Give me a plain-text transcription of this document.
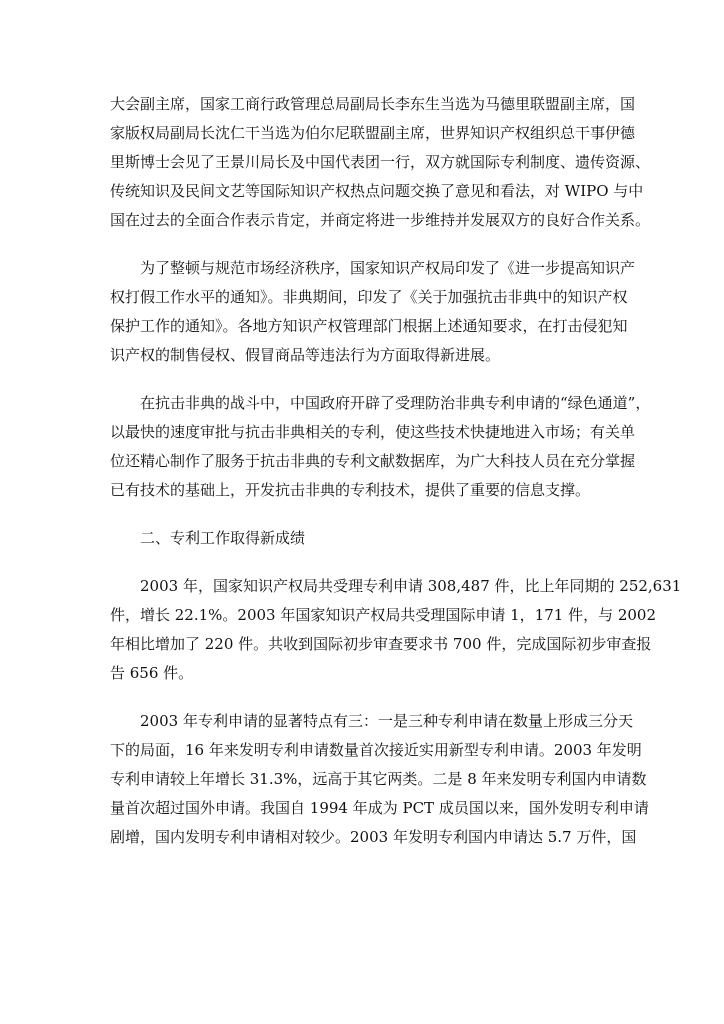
大会副主席，国家工商行政管理总局副局长李东生当选为马德里联盟副主席，国
家版权局副局长沈仁干当选为伯尔尼联盟副主席，世界知识产权组织总干事伊德
里斯博士会见了王景川局长及中国代表团一行，双方就国际专利制度、遗传资源、
传统知识及民间文艺等国际知识产权热点问题交换了意见和看法，对 WIPO 与中
国在过去的全面合作表示肯定，并商定将进一步维持并发展双方的良好合作关系。

为了整顿与规范市场经济秩序，国家知识产权局印发了《进一步提高知识产
权打假工作水平的通知》。非典期间，印发了《关于加强抗击非典中的知识产权
保护工作的通知》。各地方知识产权管理部门根据上述通知要求，在打击侵犯知
识产权的制售侵权、假冒商品等违法行为方面取得新进展。

在抗击非典的战斗中，中国政府开辟了受理防治非典专利申请的“绿色通道”，
以最快的速度审批与抗击非典相关的专利，使这些技术快捷地进入市场；有关单
位还精心制作了服务于抗击非典的专利文献数据库，为广大科技人员在充分掌握
已有技术的基础上，开发抗击非典的专利技术，提供了重要的信息支撑。

二、专利工作取得新成绩

2003 年，国家知识产权局共受理专利申请 308,487 件，比上年同期的 252,631
件，增长 22.1%。2003 年国家知识产权局共受理国际申请 1，171 件，与 2002
年相比增加了 220 件。共收到国际初步审查要求书 700 件，完成国际初步审查报
告 656 件。

2003 年专利申请的显著特点有三：一是三种专利申请在数量上形成三分天
下的局面，16 年来发明专利申请数量首次接近实用新型专利申请。2003 年发明
专利申请较上年增长 31.3%，远高于其它两类。二是 8 年来发明专利国内申请数
量首次超过国外申请。我国自 1994 年成为 PCT 成员国以来，国外发明专利申请
剧增，国内发明专利申请相对较少。2003 年发明专利国内申请达 5.7 万件，国
